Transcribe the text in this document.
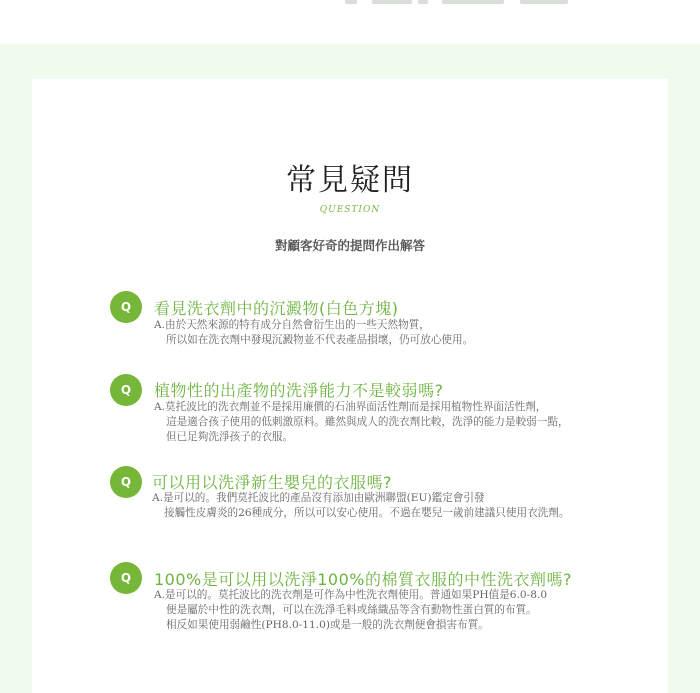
常見疑問
QUESTION
對顧客好奇的提問作出解答
Q	看見洗衣劑中的沉澱物(白色方塊)
A.由於天然來源的特有成分自然會衍生出的一些天然物質，
所以如在洗衣劑中發現沉澱物並不代表產品損壞，仍可放心使用。
Q	植物性的出產物的洗淨能力不是較弱嗎?
A.莫托波比的洗衣劑並不是採用廉價的石油界面活性劑而是採用植物性界面活性劑，
這是適合孩子使用的低刺激原料。雖然與成人的洗衣劑比較，洗淨的能力是較弱一點，
但已足夠洗淨孩子的衣服。
Q	可以用以洗淨新生嬰兒的衣服嗎?
A.是可以的。我們莫托波比的產品沒有添加由歐洲聯盟(EU)鑑定會引發
接觸性皮膚炎的26種成分，所以可以安心使用。不過在嬰兒一歲前建議只使用衣洗劑。
Q	100%是可以用以洗淨100%的棉質衣服的中性洗衣劑嗎?
A.是可以的。莫托波比的洗衣劑是可作為中性洗衣劑使用。普通如果PH值是6.0-8.0
便是屬於中性的洗衣劑，可以在洗淨毛料或絲織品等含有動物性蛋白質的布質。
相反如果使用弱鹼性(PH8.0-11.0)或是一般的洗衣劑便會損害布質。
